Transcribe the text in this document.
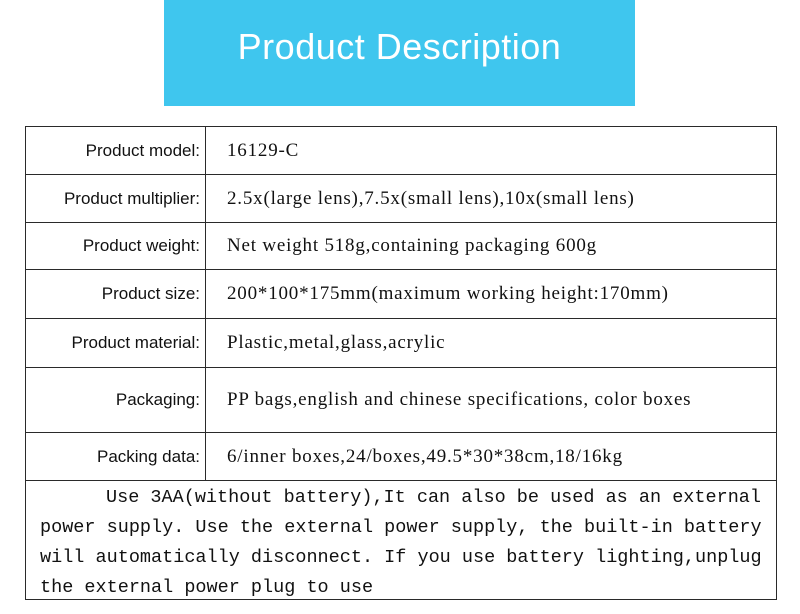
Product Description
Product model:	16129-C
Product multiplier:	2.5x(large lens),7.5x(small lens),10x(small lens)
Product weight:	Net weight 518g,containing packaging 600g
Product size:	200*100*175mm(maximum working height:170mm)
Product material:	Plastic,metal,glass,acrylic
Packaging:	PP bags,english and chinese specifications, color boxes
Packing data:	6/inner boxes,24/boxes,49.5*30*38cm,18/16kg
Use 3AA(without battery),It can also be used as an external power supply. Use the external power supply, the built-in battery will automatically disconnect. If you use battery lighting,unplug the external power plug to use
